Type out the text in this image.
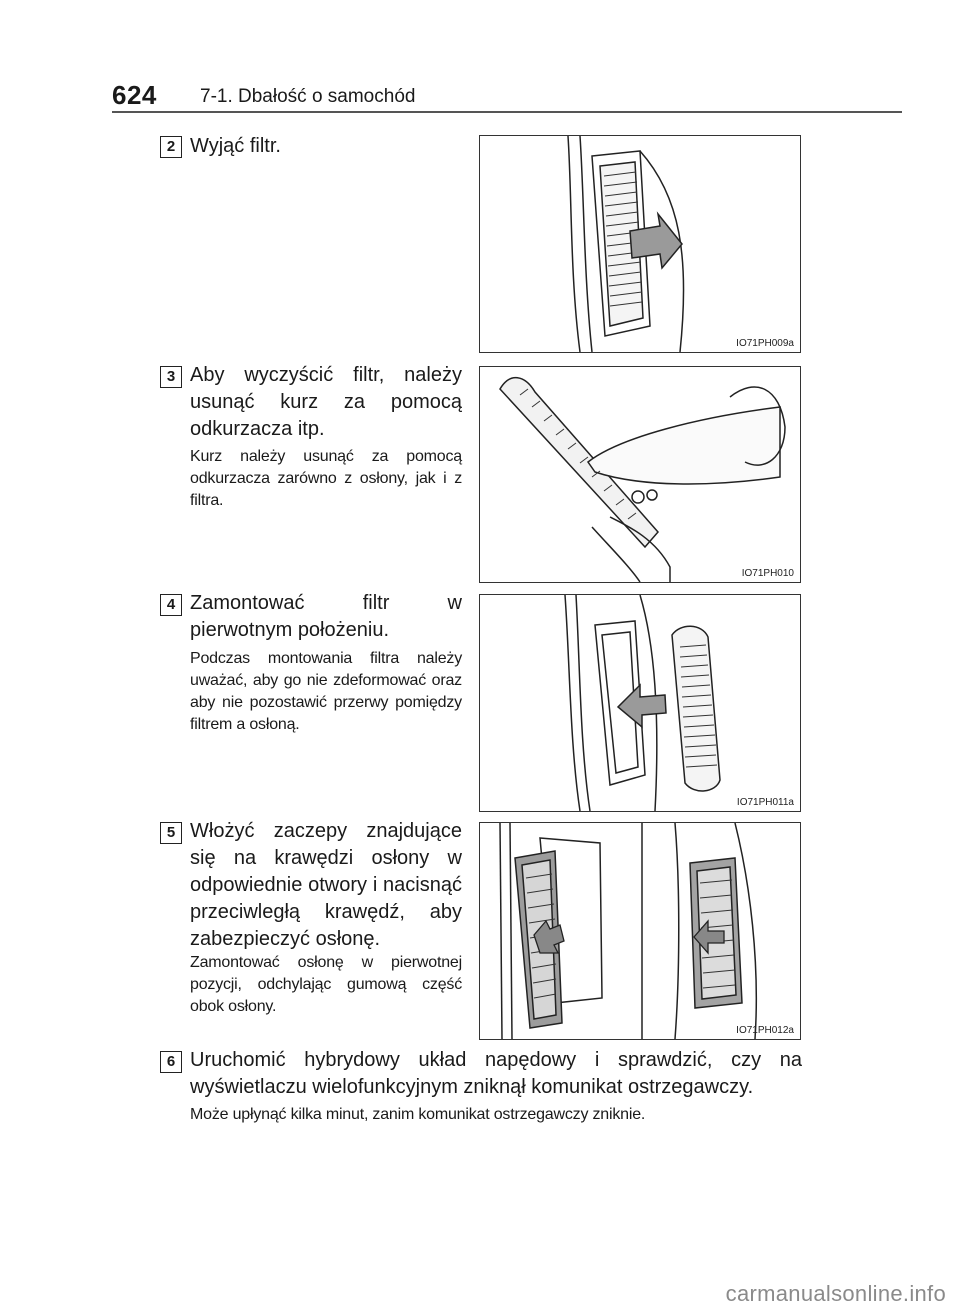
624 7-1. Dbałość o samochód
2 Wyjąć filtr.
IO71PH009a
3 Aby wyczyścić filtr, należy usunąć kurz za pomocą odkurzacza itp.
Kurz należy usunąć za pomocą odkurzacza zarówno z osłony, jak i z filtra.
IO71PH010
4 Zamontować filtr w pierwotnym położeniu.
Podczas montowania filtra należy uważać, aby go nie zdeformować oraz aby nie pozostawić przerwy pomiędzy filtrem a osłoną.
IO71PH011a
5 Włożyć zaczepy znajdujące się na krawędzi osłony w odpowiednie otwory i nacisnąć przeciwległą krawędź, aby zabezpieczyć osłonę.
Zamontować osłonę w pierwotnej pozycji, odchylając gumową część obok osłony.
IO71PH012a
6 Uruchomić hybrydowy układ napędowy i sprawdzić, czy na wyświetlaczu wielofunkcyjnym zniknął komunikat ostrzegawczy.
Może upłynąć kilka minut, zanim komunikat ostrzegawczy zniknie.
carmanualsonline.info
